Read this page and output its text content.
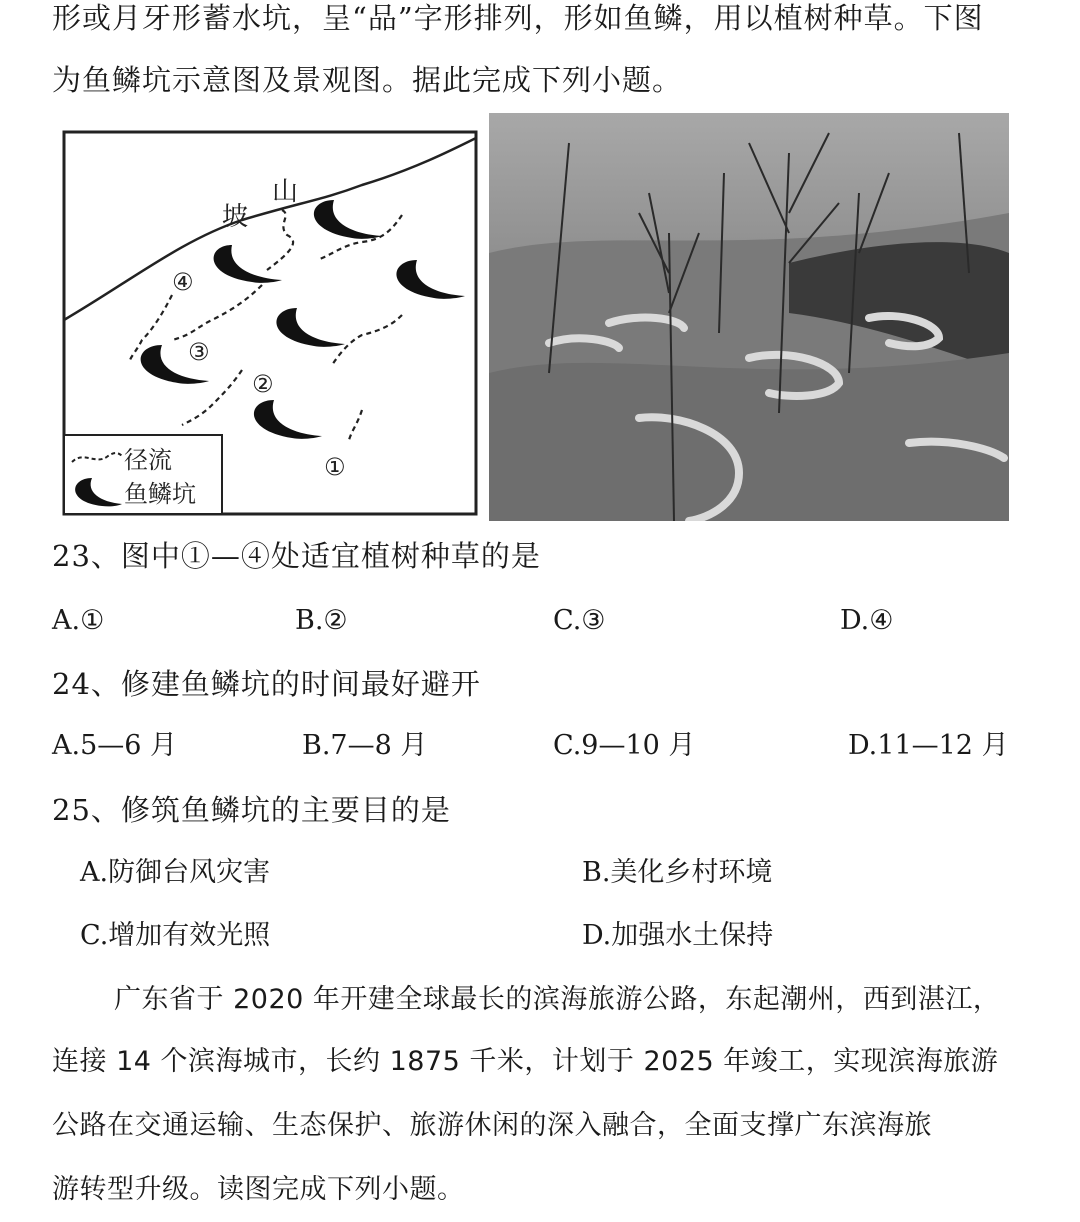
形或月牙形蓄水坑，呈“品”字形排列，形如鱼鳞，用以植树种草。下图
为鱼鳞坑示意图及景观图。据此完成下列小题。
坡
山
①
②
③
④
径流
鱼鳞坑
23、图中①—④处适宜植树种草的是
A.①	B.②	C.③	D.④
24、修建鱼鳞坑的时间最好避开
A.5—6 月	B.7—8 月	C.9—10 月	D.11—12 月
25、修筑鱼鳞坑的主要目的是
A.防御台风灾害	B.美化乡村环境
C.增加有效光照	D.加强水土保持
广东省于 2020 年开建全球最长的滨海旅游公路，东起潮州，西到湛江，
连接 14 个滨海城市，长约 1875 千米，计划于 2025 年竣工，实现滨海旅游
公路在交通运输、生态保护、旅游休闲的深入融合，全面支撑广东滨海旅
游转型升级。读图完成下列小题。
